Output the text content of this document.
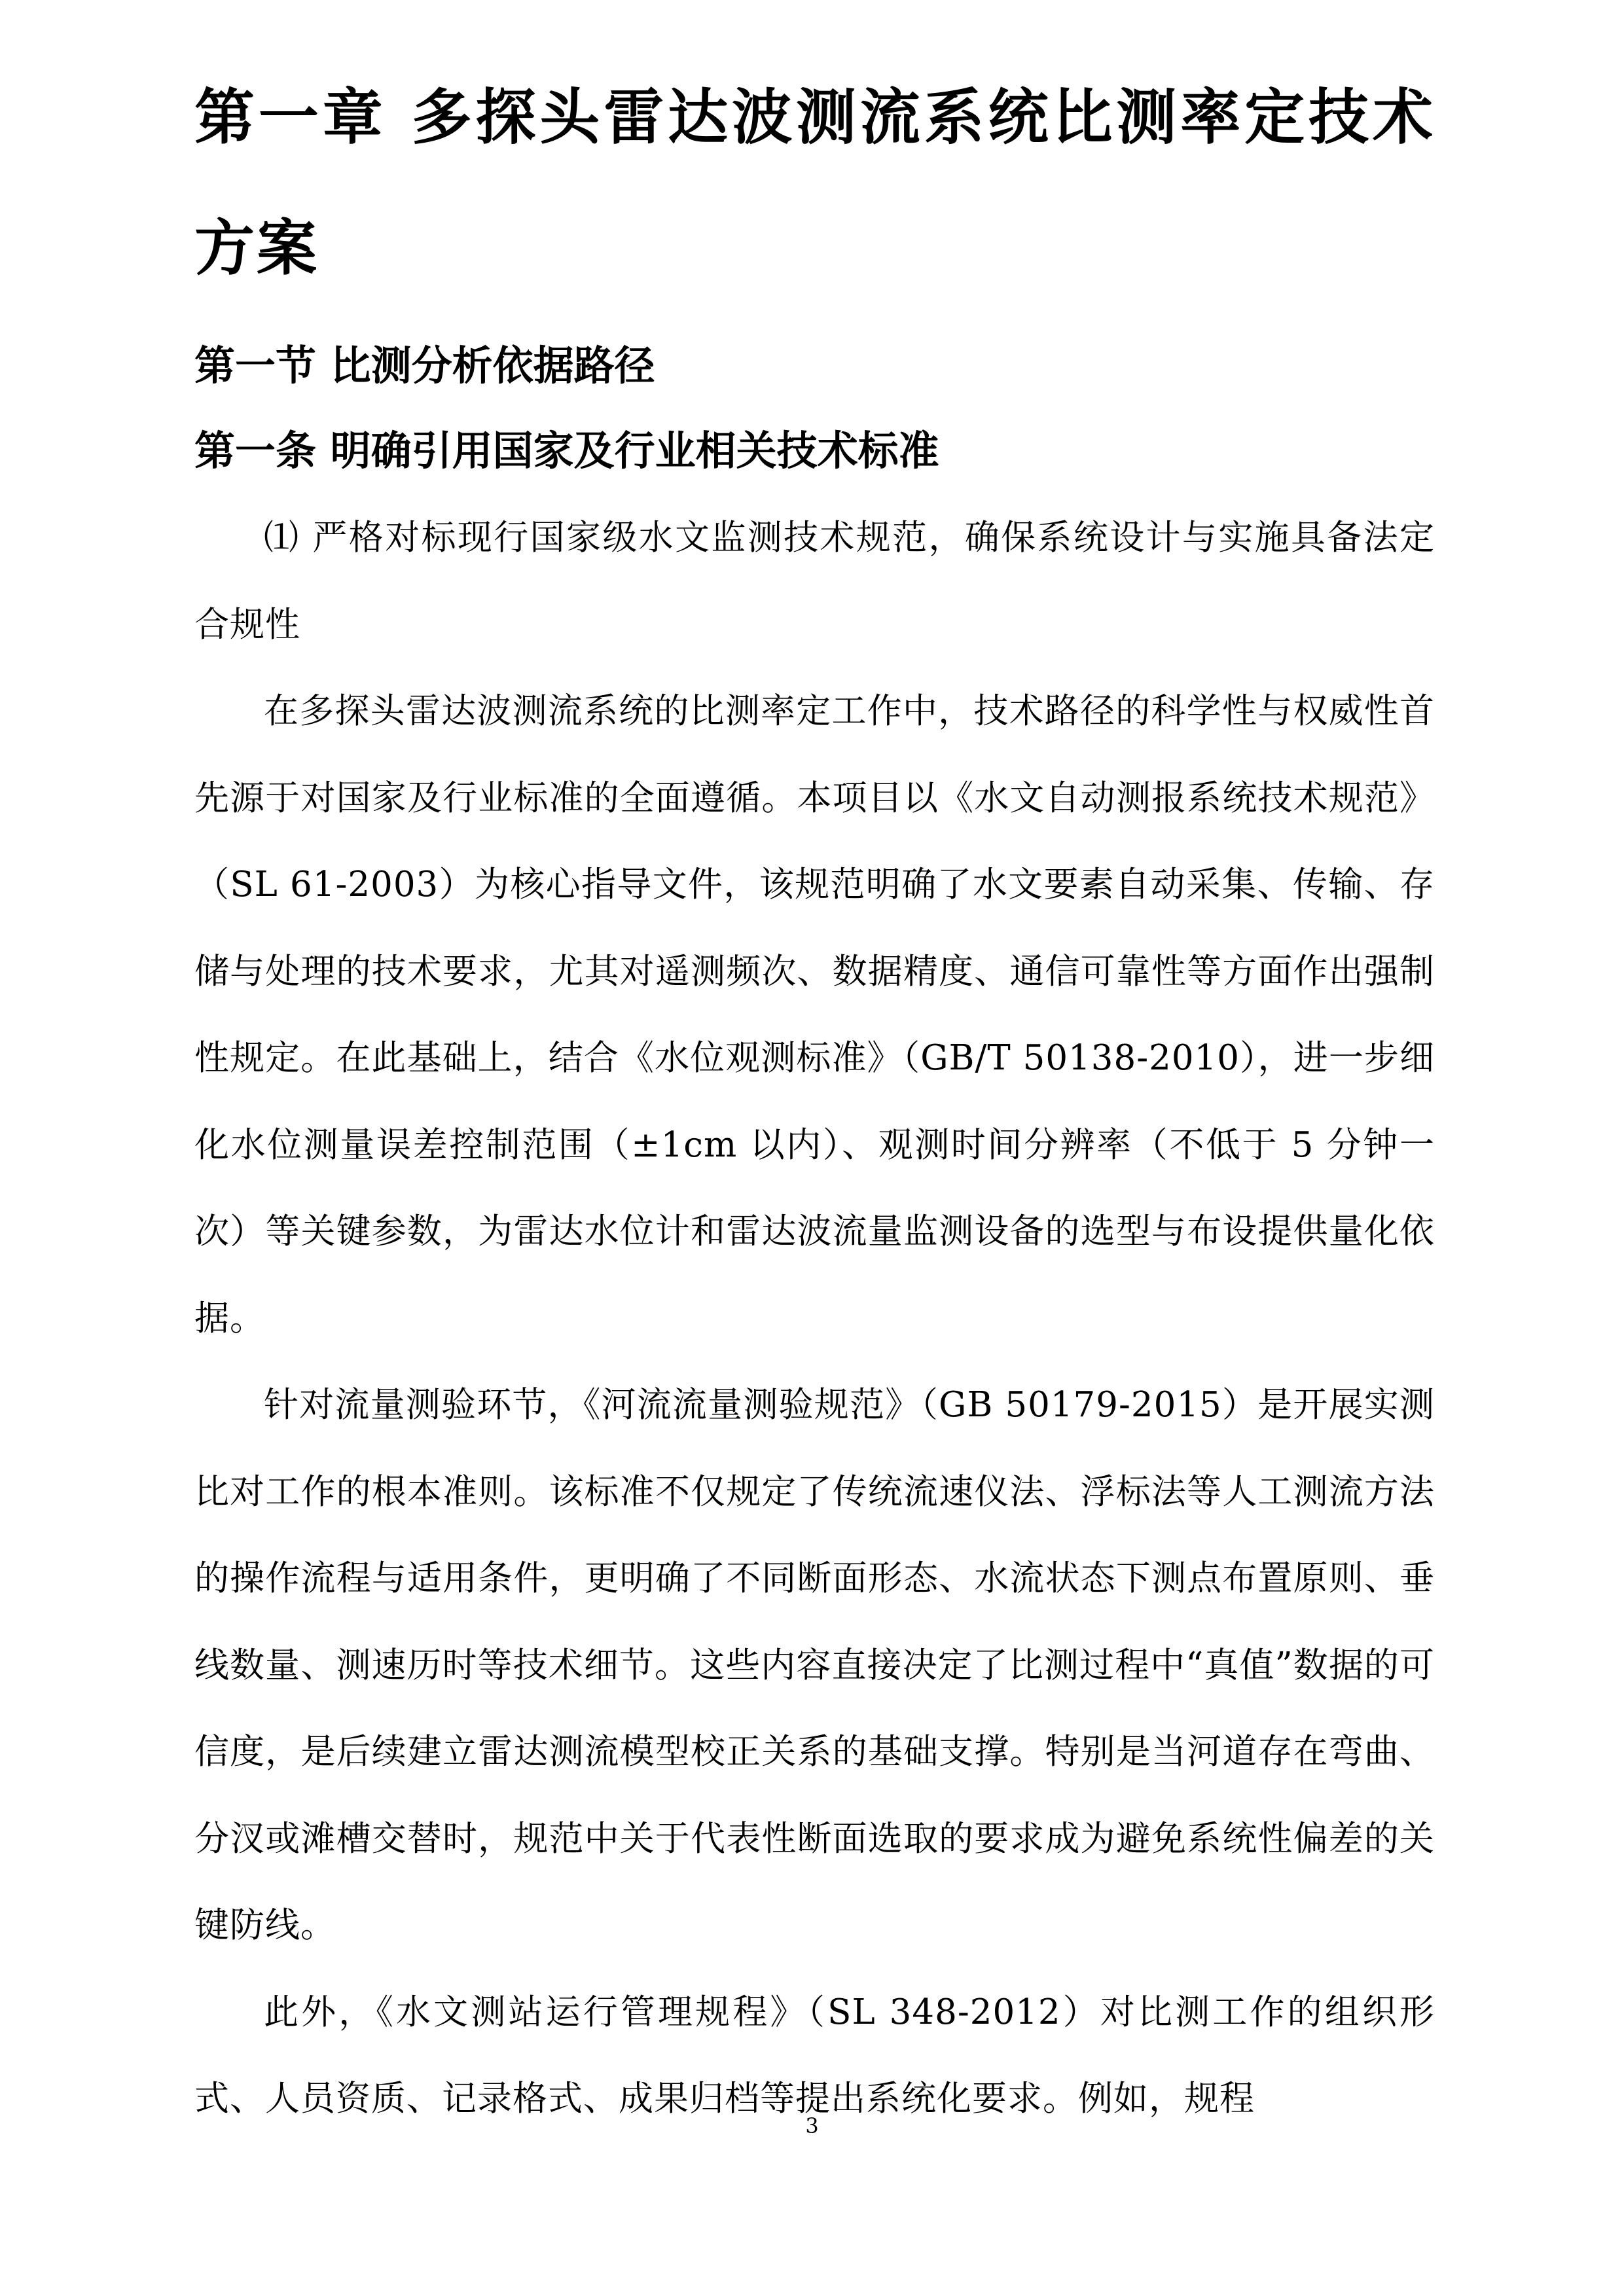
第一章 多探头雷达波测流系统比测率定技术方案
第一节 比测分析依据路径
第一条 明确引用国家及行业相关技术标准

⑴ 严格对标现行国家级水文监测技术规范，确保系统设计与实施具备法定合规性

在多探头雷达波测流系统的比测率定工作中，技术路径的科学性与权威性首先源于对国家及行业标准的全面遵循。本项目以《水文自动测报系统技术规范》（SL 61-2003）为核心指导文件，该规范明确了水文要素自动采集、传输、存储与处理的技术要求，尤其对遥测频次、数据精度、通信可靠性等方面作出强制性规定。在此基础上，结合《水位观测标准》（GB/T 50138-2010），进一步细化水位测量误差控制范围（±1cm 以内）、观测时间分辨率（不低于 5 分钟一次）等关键参数，为雷达水位计和雷达波流量监测设备的选型与布设提供量化依据。

针对流量测验环节，《河流流量测验规范》（GB 50179-2015）是开展实测比对工作的根本准则。该标准不仅规定了传统流速仪法、浮标法等人工测流方法的操作流程与适用条件，更明确了不同断面形态、水流状态下测点布置原则、垂线数量、测速历时等技术细节。这些内容直接决定了比测过程中“真值”数据的可信度，是后续建立雷达测流模型校正关系的基础支撑。特别是当河道存在弯曲、分汊或滩槽交替时，规范中关于代表性断面选取的要求成为避免系统性偏差的关键防线。

此外，《水文测站运行管理规程》（SL 348-2012）对比测工作的组织形式、人员资质、记录格式、成果归档等提出系统化要求。例如，规程

3
